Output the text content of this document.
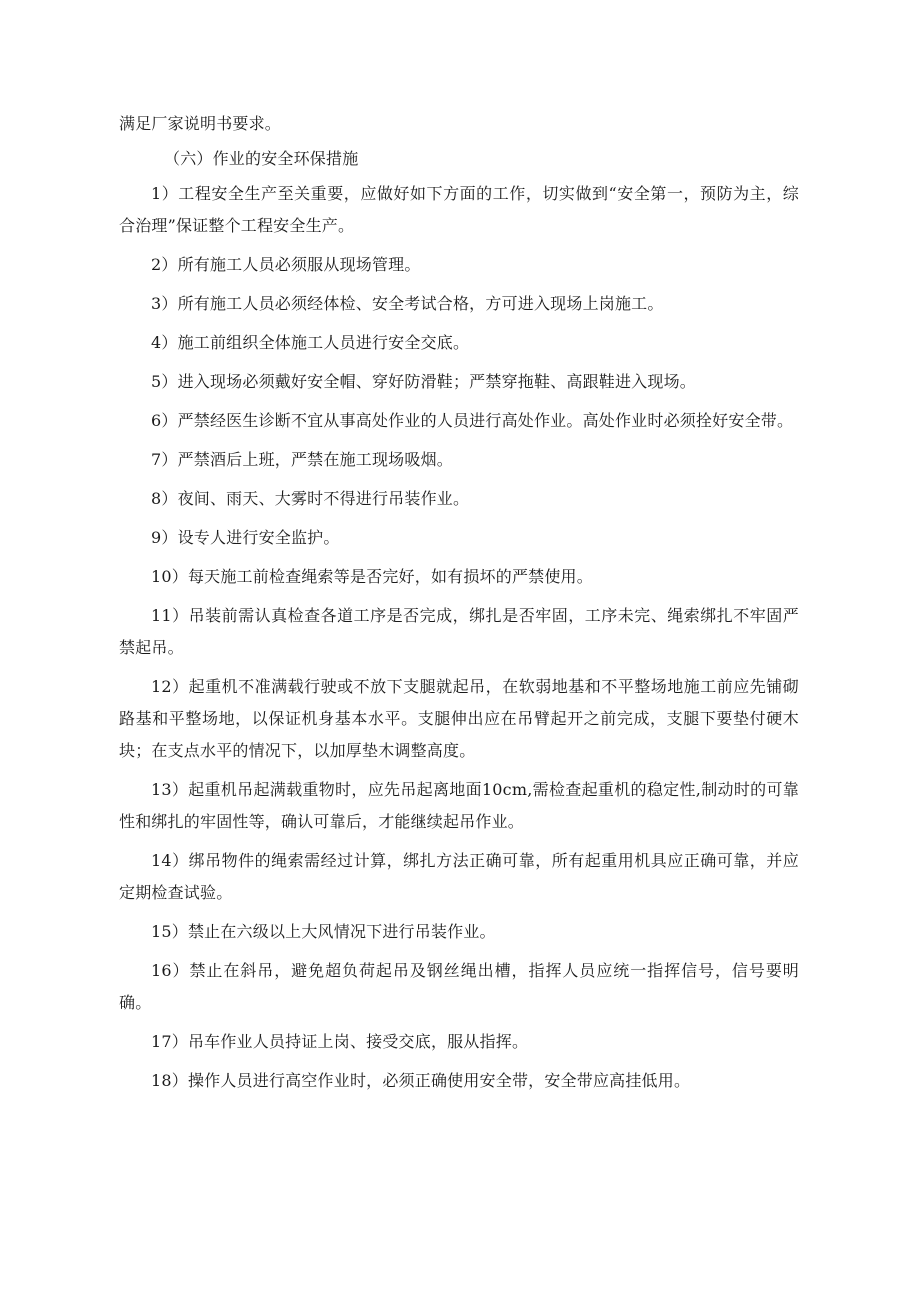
满足厂家说明书要求。

（六）作业的安全环保措施

1）工程安全生产至关重要，应做好如下方面的工作，切实做到“安全第一，预防为主，综合治理”保证整个工程安全生产。

2）所有施工人员必须服从现场管理。

3）所有施工人员必须经体检、安全考试合格，方可进入现场上岗施工。

4）施工前组织全体施工人员进行安全交底。

5）进入现场必须戴好安全帽、穿好防滑鞋；严禁穿拖鞋、高跟鞋进入现场。

6）严禁经医生诊断不宜从事高处作业的人员进行高处作业。高处作业时必须拴好安全带。

7）严禁酒后上班，严禁在施工现场吸烟。

8）夜间、雨天、大雾时不得进行吊装作业。

9）设专人进行安全监护。

10）每天施工前检查绳索等是否完好，如有损坏的严禁使用。

11）吊装前需认真检查各道工序是否完成，绑扎是否牢固，工序未完、绳索绑扎不牢固严禁起吊。

12）起重机不准满载行驶或不放下支腿就起吊，在软弱地基和不平整场地施工前应先铺砌路基和平整场地，以保证机身基本水平。支腿伸出应在吊臂起开之前完成，支腿下要垫付硬木块；在支点水平的情况下，以加厚垫木调整高度。

13）起重机吊起满载重物时，应先吊起离地面10cm,需检查起重机的稳定性,制动时的可靠性和绑扎的牢固性等，确认可靠后，才能继续起吊作业。

14）绑吊物件的绳索需经过计算，绑扎方法正确可靠，所有起重用机具应正确可靠，并应定期检查试验。

15）禁止在六级以上大风情况下进行吊装作业。

16）禁止在斜吊，避免超负荷起吊及钢丝绳出槽，指挥人员应统一指挥信号，信号要明确。

17）吊车作业人员持证上岗、接受交底，服从指挥。

18）操作人员进行高空作业时，必须正确使用安全带，安全带应高挂低用。
